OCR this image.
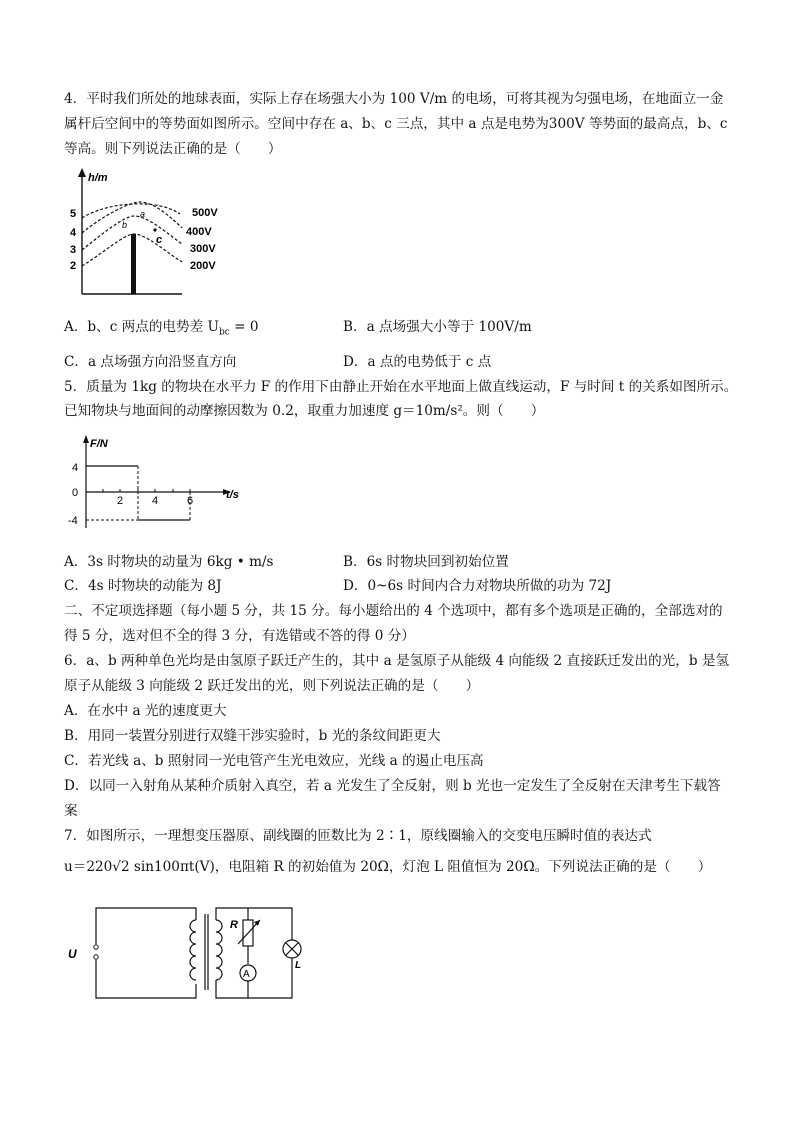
4．平时我们所处的地球表面，实际上存在场强大小为 100 V/m 的电场，可将其视为匀强电场，在地面立一金
属杆后空间中的等势面如图所示。空间中存在 a、b、c 三点，其中 a 点是电势为300V 等势面的最高点，b、c
等高。则下列说法正确的是（　　）
h/m
5
4
3
2
a
b
c
500V
400V
300V
200V
A．b、c 两点的电势差 $U_{bc} = 0$	B．a 点场强大小等于 100V/m
C．a 点场强方向沿竖直方向	D．a 点的电势低于 c 点
5．质量为 1kg 的物块在水平力 F 的作用下由静止开始在水平地面上做直线运动，F 与时间 t 的关系如图所示。
已知物块与地面间的动摩擦因数为 0.2，取重力加速度 g＝10m/s²。则（　　）
F/N
t/s
4
0
-4
2	4	6
A．3s 时物块的动量为 6kg • m/s	B．6s 时物块回到初始位置
C．4s 时物块的动能为 8J	D．0~6s 时间内合力对物块所做的功为 72J
二、不定项选择题（每小题 5 分，共 15 分。每小题给出的 4 个选项中，都有多个选项是正确的，全部选对的
得 5 分，选对但不全的得 3 分，有选错或不答的得 0 分）
6．a、b 两种单色光均是由氢原子跃迁产生的，其中 a 是氢原子从能级 4 向能级 2 直接跃迁发出的光，b 是氢
原子从能级 3 向能级 2 跃迁发出的光，则下列说法正确的是（　　）
A．在水中 a 光的速度更大
B．用同一装置分别进行双缝干涉实验时，b 光的条纹间距更大
C．若光线 a、b 照射同一光电管产生光电效应，光线 a 的遏止电压高
D．以同一入射角从某种介质射入真空，若 a 光发生了全反射，则 b 光也一定发生了全反射在天津考生下载答
案
7．如图所示，一理想变压器原、副线圈的匝数比为 2∶1，原线圈输入的交变电压瞬时值的表达式
u＝220√2 sin100πt(V)，电阻箱 R 的初始值为 20Ω，灯泡 L 阻值恒为 20Ω。下列说法正确的是（　　）
U
R
A
L
